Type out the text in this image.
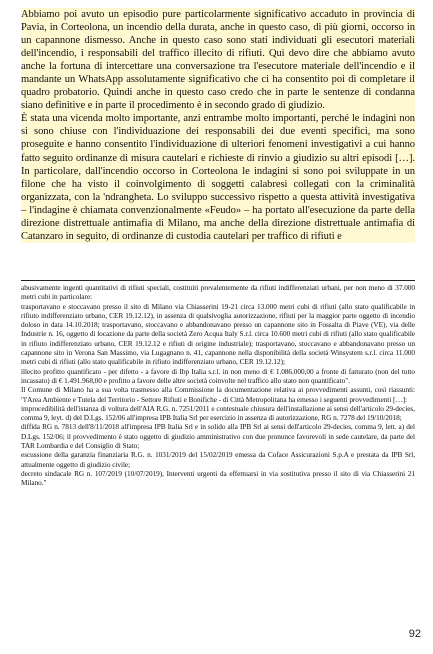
Abbiamo poi avuto un episodio pure particolarmente significativo accaduto in provincia di Pavia, in Corteolona, un incendio della durata, anche in questo caso, di più giorni, occorso in un capannone dismesso. Anche in questo caso sono stati individuati gli esecutori materiali dell'incendio, i responsabili del traffico illecito di rifiuti. Qui devo dire che abbiamo avuto anche la fortuna di intercettare una conversazione tra l'esecutore materiale dell'incendio e il mandante un WhatsApp assolutamente significativo che ci ha consentito poi di completare il quadro probatorio. Quindi anche in questo caso credo che in parte le sentenze di condanna siano definitive e in parte il procedimento è in secondo grado di giudizio.

È stata una vicenda molto importante, anzi entrambe molto importanti, perché le indagini non si sono chiuse con l'individuazione dei responsabili dei due eventi specifici, ma sono proseguite e hanno consentito l'individuazione di ulteriori fenomeni investigativi a cui hanno fatto seguito ordinanze di misura cautelari e richieste di rinvio a giudizio su altri episodi […]. In particolare, dall'incendio occorso in Corteolona le indagini si sono poi sviluppate in un filone che ha visto il coinvolgimento di soggetti calabresi collegati con la criminalità organizzata, con la 'ndrangheta. Lo sviluppo successivo rispetto a questa attività investigativa – l'indagine è chiamata convenzionalmente «Feudo» – ha portato all'esecuzione da parte della direzione distrettuale antimafia di Milano, ma anche della direzione distrettuale antimafia di Catanzaro in seguito, di ordinanze di custodia cautelari per traffico di rifiuti e

abusivamente ingenti quantitativi di rifiuti speciali, costituiti prevalentemente da rifiuti indifferenziati urbani, per non meno di 37.000 metri cubi in particolare:

trasportavano e stoccavano presso il sito di Milano via Chiasserini 19-21 circa 13.000 metri cubi di rifiuti (allo stato qualificabile in rifiuto indifferenziato urbano, CER 19.12.12), in assenza di qualsivoglia autorizzazione, rifiuti per la maggior parte oggetto di incendio doloso in data 14.10.2018; trasportavano, stoccavano e abbandonavano presso un capannone sito in Fossalta di Piave (VE), via delle Industrie n. 16, oggetto di locazione da parte della società Zero Acqua Italy S.r.l. circa 10.600 metri cubi di rifiuti (allo stato qualificabile in rifiuto indifferenziato urbano, CER 19.12.12 e rifiuti di origine industriale); trasportavano, stoccavano e abbandonavano presso un capannone sito in Verona San Massimo, via Lugagnano n. 41, capannone nella disponibilità della società Winsystem s.r.l. circa 11.000 metri cubi di rifiuti (allo stato qualificabile in rifiuto indifferenziato urbano, CER 19.12.12);

illecito profitto quantificato - per difetto - a favore di Ibp Italia s.r.l. in non meno di € 1.086.000,00 a fronte di fatturato (non del tutto incassato) di € 1.491.968,00 e profitto a favore delle altre società coinvolte nel traffico allo stato non quantificato".

Il Comune di Milano ha a sua volta trasmesso alla Commissione la documentazione relativa ai provvedimenti assunti, così riassunti: "l'Area Ambiente e Tutela del Territorio - Settore Rifiuti e Bonifiche - di Città Metropolitana ha emesso i seguenti provvedimenti […]:

improcedibilità dell'istanza di voltura dell'AIA R.G. n. 7251/2011 e contestuale chiusura dell'installazione ai sensi dell'articolo 29-decies, comma 9, leyt. d) del D.Lgs. 152/06 all'impresa IPB Italia Srl per esercizio in assenza di autorizzazione, RG n. 7278 del 19/10/2018;

diffida RG n. 7813 dell'8/11/2018 all'impresa IPB Italia Srl e in solido alla IPB Srl ai sensi dell'articolo 29-decies, comma 9, lett. a) del D.Lgs. 152/06; il provvedimento è stato oggetto di giudizio amministrativo con due pronunce favorevoli in sede cautelare, da parte del TAR Lombardia e del Consiglio di Stato;

escussione della garanzia finanziaria R.G. n. 1031/2019 del 15/02/2019 emessa da Coface Assicurazioni S.p.A e prestata da IPB Srl, attualmente oggetto di giudizio civile;

decreto sindacale RG n. 107/2019 (10/07/2019), Interventi urgenti da effettuarsi in via sostitutiva presso il sito di via Chiasserini 21 Milano."

92
